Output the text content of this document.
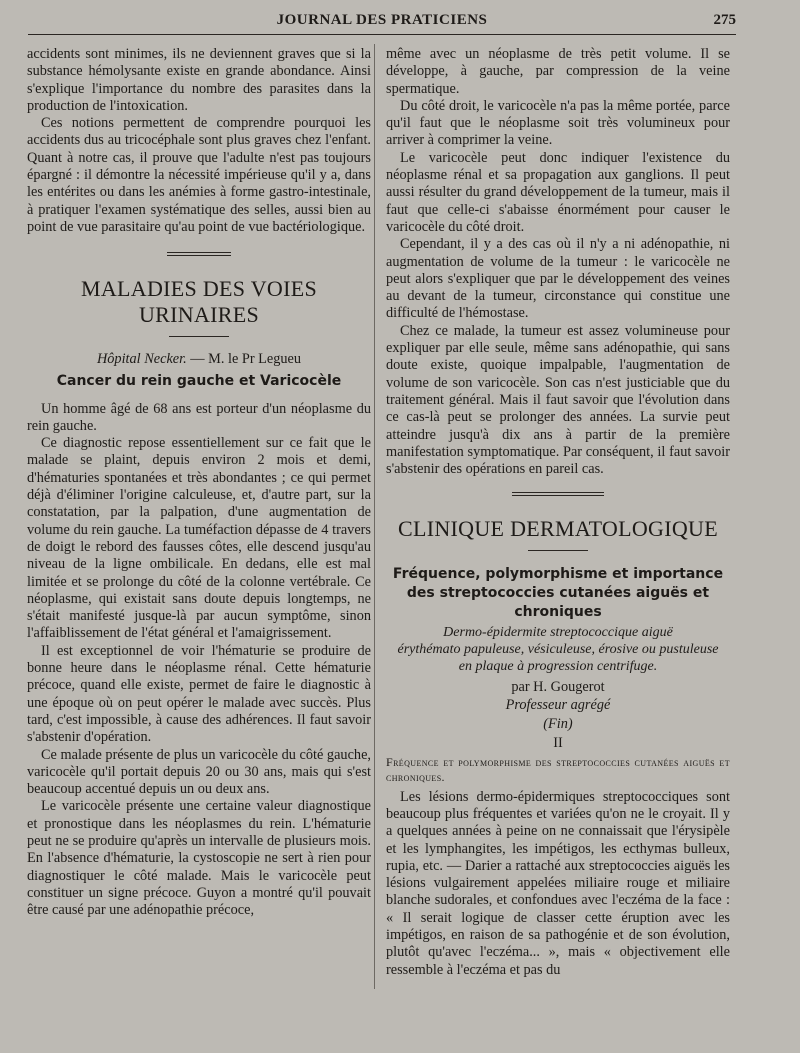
JOURNAL DES PRATICIENS	275

accidents sont minimes, ils ne deviennent graves que si la substance hémolysante existe en grande abondance. Ainsi s'explique l'importance du nombre des parasites dans la production de l'intoxication.

Ces notions permettent de comprendre pourquoi les accidents dus au tricocéphale sont plus graves chez l'enfant. Quant à notre cas, il prouve que l'adulte n'est pas toujours épargné : il démontre la nécessité impérieuse qu'il y a, dans les entérites ou dans les anémies à forme gastro-intestinale, à pratiquer l'examen systématique des selles, aussi bien au point de vue parasitaire qu'au point de vue bactériologique.

MALADIES DES VOIES URINAIRES
Hôpital Necker. — M. le Pr Legueu
Cancer du rein gauche et Varicocèle

Un homme âgé de 68 ans est porteur d'un néoplasme du rein gauche.

Ce diagnostic repose essentiellement sur ce fait que le malade se plaint, depuis environ 2 mois et demi, d'hématuries spontanées et très abondantes ; ce qui permet déjà d'éliminer l'origine calculeuse, et, d'autre part, sur la constatation, par la palpation, d'une augmentation de volume du rein gauche. La tuméfaction dépasse de 4 travers de doigt le rebord des fausses côtes, elle descend jusqu'au niveau de la ligne ombilicale. En dedans, elle est mal limitée et se prolonge du côté de la colonne vertébrale. Ce néoplasme, qui existait sans doute depuis longtemps, ne s'était manifesté jusque-là par aucun symptôme, sinon l'affaiblissement de l'état général et l'amaigrissement.

Il est exceptionnel de voir l'hématurie se produire de bonne heure dans le néoplasme rénal. Cette hématurie précoce, quand elle existe, permet de faire le diagnostic à une époque où on peut opérer le malade avec succès. Plus tard, c'est impossible, à cause des adhérences. Il faut savoir s'abstenir d'opération.

Ce malade présente de plus un varicocèle du côté gauche, varicocèle qu'il portait depuis 20 ou 30 ans, mais qui s'est beaucoup accentué depuis un ou deux ans.

Le varicocèle présente une certaine valeur diagnostique et pronostique dans les néoplasmes du rein. L'hématurie peut ne se produire qu'après un intervalle de plusieurs mois. En l'absence d'hématurie, la cystoscopie ne sert à rien pour diagnostiquer le côté malade. Mais le varicocèle peut constituer un signe précoce. Guyon a montré qu'il pouvait être causé par une adénopathie précoce,

même avec un néoplasme de très petit volume. Il se développe, à gauche, par compression de la veine spermatique.

Du côté droit, le varicocèle n'a pas la même portée, parce qu'il faut que le néoplasme soit très volumineux pour arriver à comprimer la veine.

Le varicocèle peut donc indiquer l'existence du néoplasme rénal et sa propagation aux ganglions. Il peut aussi résulter du grand développement de la tumeur, mais il faut que celle-ci s'abaisse énormément pour causer le varicocèle du côté droit.

Cependant, il y a des cas où il n'y a ni adénopathie, ni augmentation de volume de la tumeur : le varicocèle ne peut alors s'expliquer que par le développement des veines au devant de la tumeur, circonstance qui constitue une difficulté de l'hémostase.

Chez ce malade, la tumeur est assez volumineuse pour expliquer par elle seule, même sans adénopathie, qui sans doute existe, quoique impalpable, l'augmentation de volume de son varicocèle. Son cas n'est justiciable que du traitement général. Mais il faut savoir que l'évolution dans ce cas-là peut se prolonger des années. La survie peut atteindre jusqu'à dix ans à partir de la première manifestation symptomatique. Par conséquent, il faut savoir s'abstenir des opérations en pareil cas.

CLINIQUE DERMATOLOGIQUE
Fréquence, polymorphisme et importance
des streptococcies cutanées aiguës et chroniques
Dermo-épidermite streptococcique aiguë
érythémato papuleuse, vésiculeuse, érosive ou pustuleuse
en plaque à progression centrifuge.
par H. Gougerot
Professeur agrégé
(Fin)
II
Fréquence et polymorphisme des streptococcies cutanées aiguës et chroniques.

Les lésions dermo-épidermiques streptococciques sont beaucoup plus fréquentes et variées qu'on ne le croyait. Il y a quelques années à peine on ne connaissait que l'érysipèle et les lymphangites, les impétigos, les ecthymas bulleux, rupia, etc. — Darier a rattaché aux streptococcies aiguës les lésions vulgairement appelées miliaire rouge et miliaire blanche sudorales, et confondues avec l'eczéma de la face : « Il serait logique de classer cette éruption avec les impétigos, en raison de sa pathogénie et de son évolution, plutôt qu'avec l'eczéma... », mais « objectivement elle ressemble à l'eczéma et pas du
